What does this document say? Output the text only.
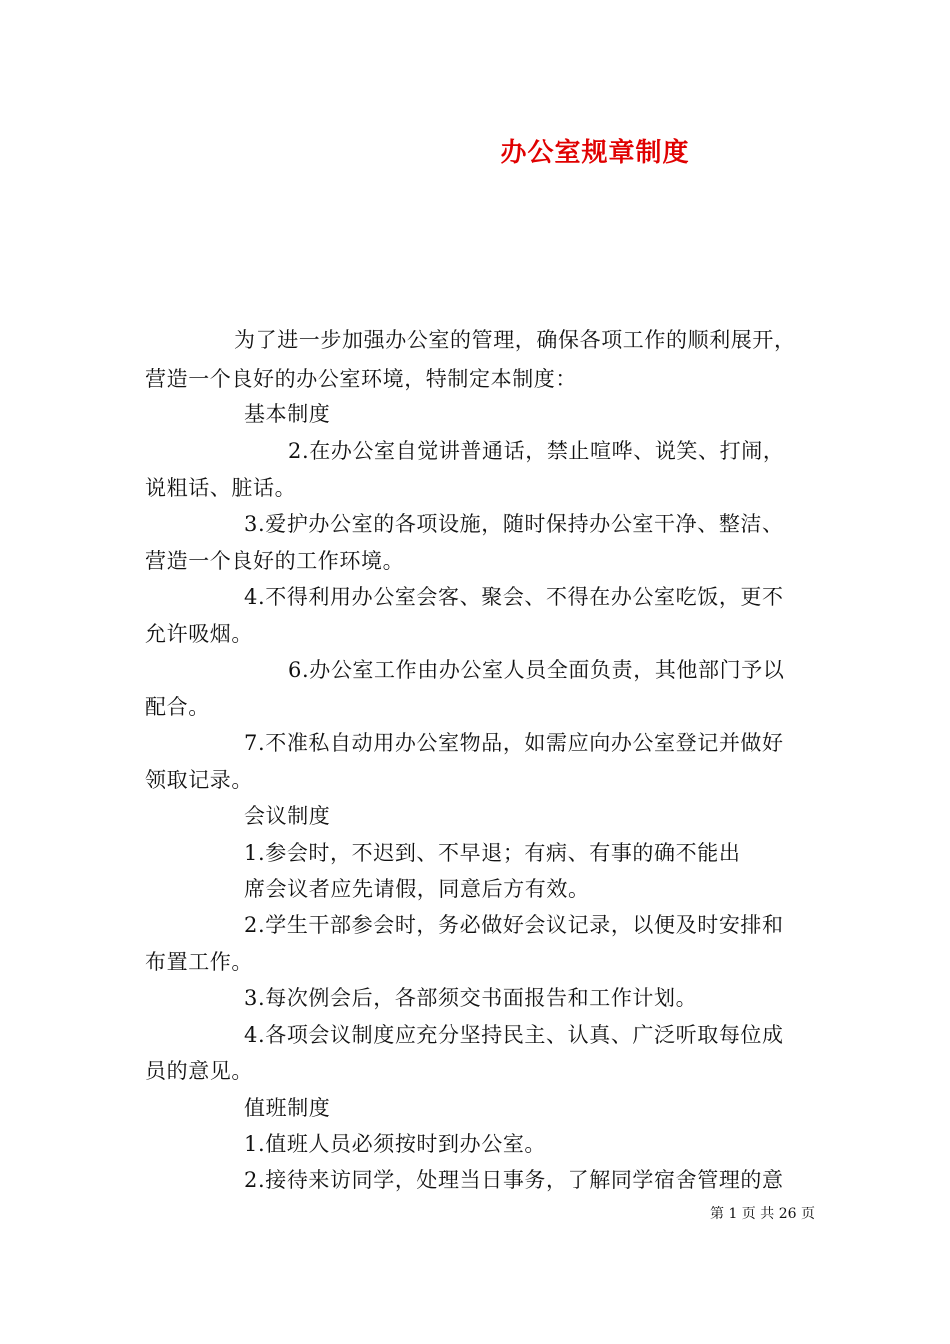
办公室规章制度
为了进一步加强办公室的管理，确保各项工作的顺利展开，
营造一个良好的办公室环境，特制定本制度：
基本制度
2.在办公室自觉讲普通话，禁止喧哗、说笑、打闹，
说粗话、脏话。
3.爱护办公室的各项设施，随时保持办公室干净、整洁、
营造一个良好的工作环境。
4.不得利用办公室会客、聚会、不得在办公室吃饭，更不
允许吸烟。
6.办公室工作由办公室人员全面负责，其他部门予以
配合。
7.不准私自动用办公室物品，如需应向办公室登记并做好
领取记录。
会议制度
1.参会时，不迟到、不早退；有病、有事的确不能出
席会议者应先请假，同意后方有效。
2.学生干部参会时，务必做好会议记录，以便及时安排和
布置工作。
3.每次例会后，各部须交书面报告和工作计划。
4.各项会议制度应充分坚持民主、认真、广泛听取每位成
员的意见。
值班制度
1.值班人员必须按时到办公室。
2.接待来访同学，处理当日事务，了解同学宿舍管理的意
第 1 页 共 26 页
